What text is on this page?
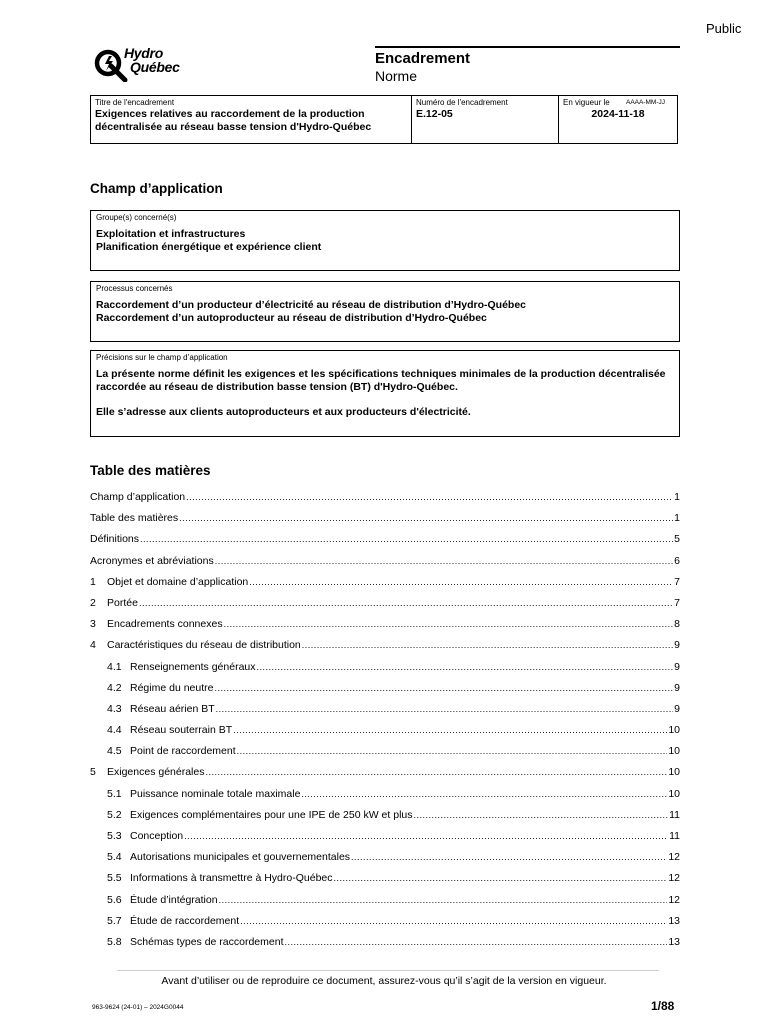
Public
Hydro
Québec	Encadrement
Norme
Titre de l'encadrement
Exigences relatives au raccordement de la production décentralisée au réseau basse tension d'Hydro-Québec

Numéro de l'encadrement
E.12-05

En vigueur le	AAAA-MM-JJ
2024-11-18
Champ d’application
Groupe(s) concerné(s)
Exploitation et infrastructures
Planification énergétique et expérience client
Processus concernés
Raccordement d’un producteur d’électricité au réseau de distribution d’Hydro-Québec
Raccordement d’un autoproducteur au réseau de distribution d’Hydro-Québec
Précisions sur le champ d’application

La présente norme définit les exigences et les spécifications techniques minimales de la production décentralisée raccordée au réseau de distribution basse tension (BT) d'Hydro-Québec.

Elle s’adresse aux clients autoproducteurs et aux producteurs d'électricité.

Table des matières
Champ d’application .....	1
Table des matières .....	1
Définitions .....	5
Acronymes et abréviations .....	6
1	Objet et domaine d’application .....	7
2	Portée .....	7
3	Encadrements connexes .....	8
4	Caractéristiques du réseau de distribution .....	9
4.1 Renseignements généraux .....	9
4.2 Régime du neutre .....	9
4.3 Réseau aérien BT .....	9
4.4 Réseau souterrain BT .....	10
4.5 Point de raccordement .....	10
5	Exigences générales .....	10
5.1 Puissance nominale totale maximale .....	10
5.2 Exigences complémentaires pour une IPE de 250 kW et plus .....	11
5.3 Conception .....	11
5.4 Autorisations municipales et gouvernementales .....	12
5.5 Informations à transmettre à Hydro-Québec .....	12
5.6 Étude d’intégration .....	12
5.7 Étude de raccordement .....	13
5.8 Schémas types de raccordement .....	13
Avant d’utiliser ou de reproduire ce document, assurez-vous qu’il s’agit de la version en vigueur.
963-9624 (24-01) – 2024G0044	1/88
